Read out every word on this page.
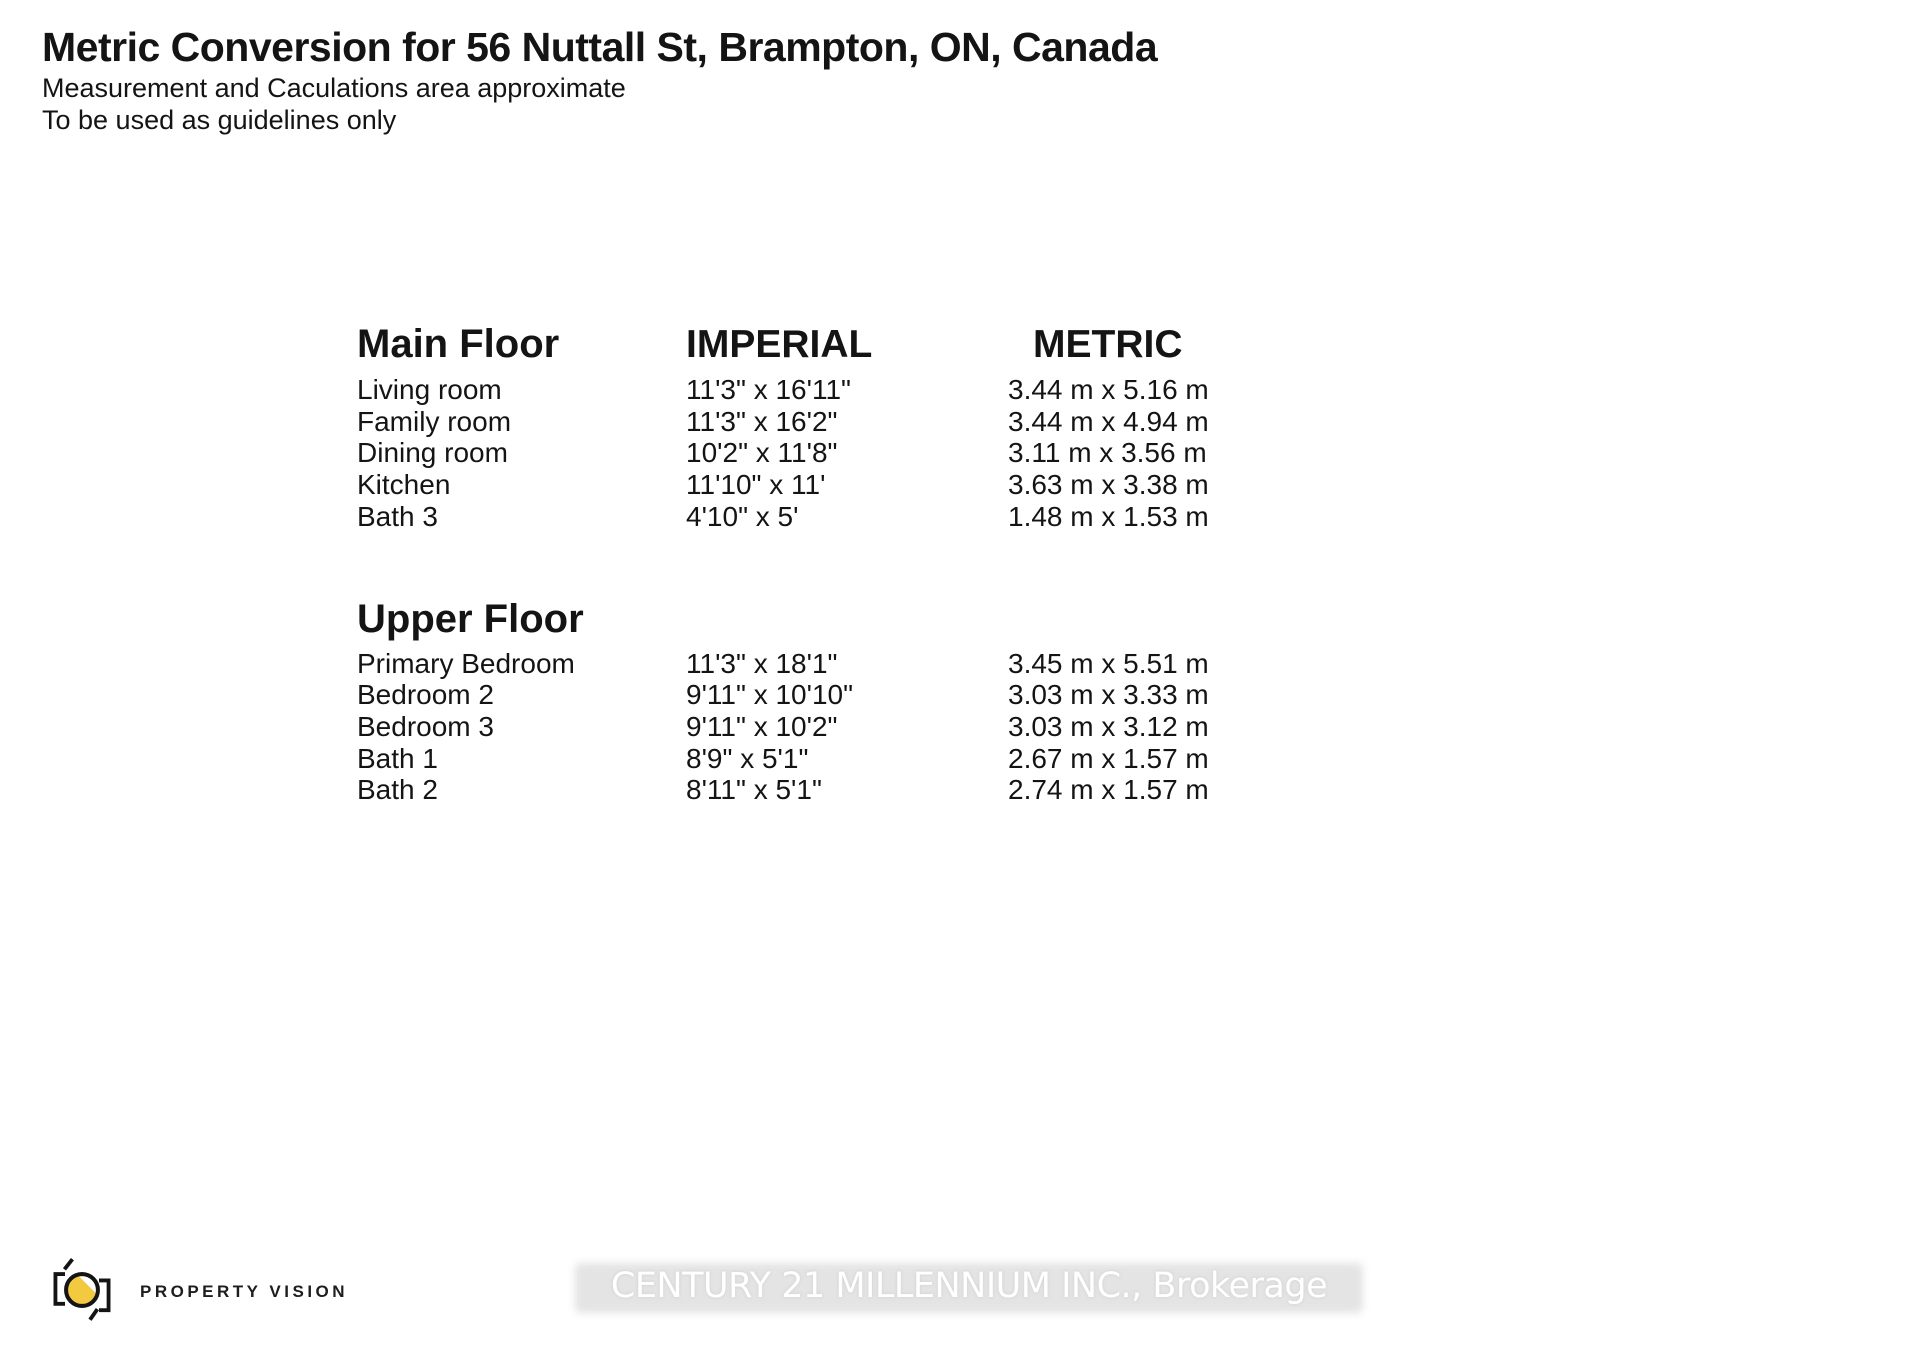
Metric Conversion for 56 Nuttall St, Brampton, ON, Canada
Measurement and Caculations area approximate
To be used as guidelines only
Main Floor	IMPERIAL	METRIC
Living room	11'3" x 16'11"	3.44 m x 5.16 m
Family room	11'3" x 16'2"	3.44 m x 4.94 m
Dining room	10'2" x 11'8"	3.11 m x 3.56 m
Kitchen	11'10" x 11'	3.63 m x 3.38 m
Bath 3	4'10" x 5'	1.48 m x 1.53 m
Upper Floor
Primary Bedroom	11'3" x 18'1"	3.45 m x 5.51 m
Bedroom 2	9'11" x 10'10"	3.03 m x 3.33 m
Bedroom 3	9'11" x 10'2"	3.03 m x 3.12 m
Bath 1	8'9" x 5'1"	2.67 m x 1.57 m
Bath 2	8'11" x 5'1"	2.74 m x 1.57 m
PROPERTY VISION	CENTURY 21 MILLENNIUM INC., Brokerage
